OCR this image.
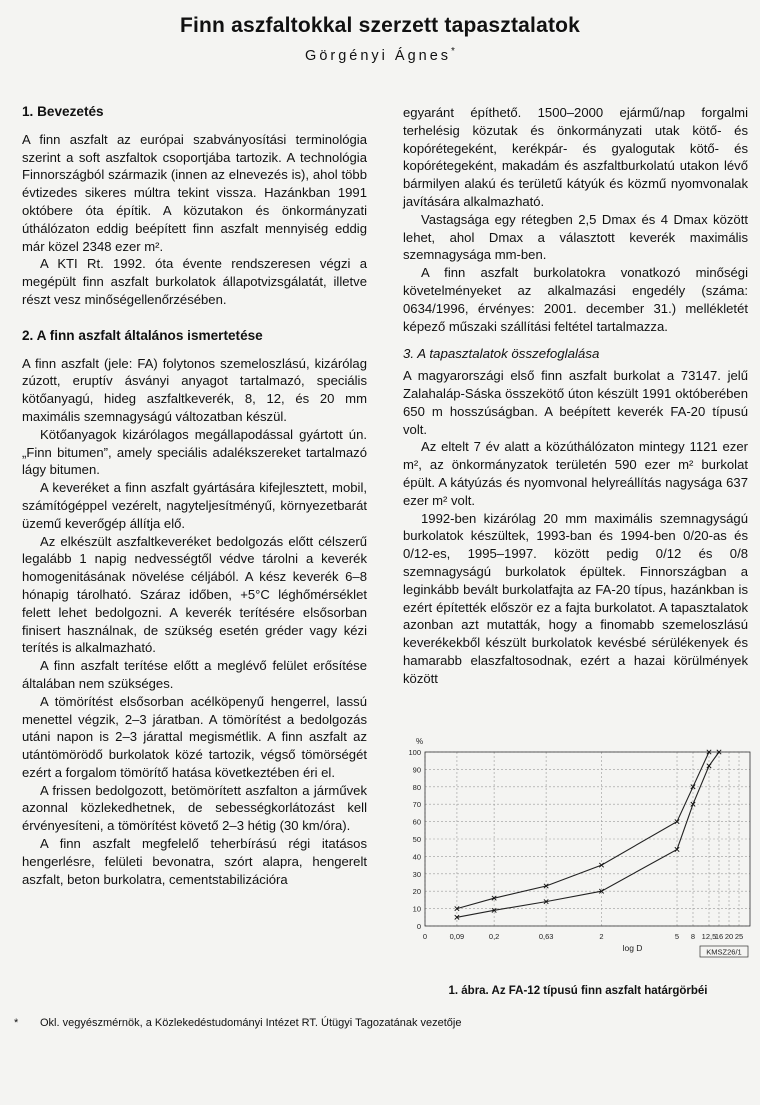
Finn aszfaltokkal szerzett tapasztalatok
Görgényi Ágnes*
1. Bevezetés

A finn aszfalt az európai szabványosítási terminológia szerint a soft aszfaltok csoportjába tartozik. A technológia Finnországból származik (innen az elnevezés is), ahol több évtizedes sikeres múltra tekint vissza. Hazánkban 1991 októbere óta építik. A közutakon és önkormányzati úthálózaton eddig beépített finn aszfalt mennyiség eddig már közel 2348 ezer m².

A KTI Rt. 1992. óta évente rendszeresen végzi a megépült finn aszfalt burkolatok állapotvizsgálatát, illetve részt vesz minőségellenőrzésében.

2. A finn aszfalt általános ismertetése

A finn aszfalt (jele: FA) folytonos szemeloszlású, kizárólag zúzott, eruptív ásványi anyagot tartalmazó, speciális kötőanyagú, hideg aszfaltkeverék, 8, 12, és 20 mm maximális szemnagyságú változatban készül.

Kötőanyagok kizárólagos megállapodással gyártott ún. „Finn bitumen”, amely speciális adalékszereket tartalmazó lágy bitumen.

A keveréket a finn aszfalt gyártására kifejlesztett, mobil, számítógéppel vezérelt, nagyteljesítményű, környezetbarát üzemű keverőgép állítja elő.

Az elkészült aszfaltkeveréket bedolgozás előtt célszerű legalább 1 napig nedvességtől védve tárolni a keverék homogenitásának növelése céljából. A kész keverék 6–8 hónapig tárolható. Száraz időben, +5°C léghőmérséklet felett lehet bedolgozni. A keverék terítésére elsősorban finisert használnak, de szükség esetén gréder vagy kézi terítés is alkalmazható.

A finn aszfalt terítése előtt a meglévő felület erősítése általában nem szükséges.

A tömörítést elsősorban acélköpenyű hengerrel, lassú menettel végzik, 2–3 járatban. A tömörítést a bedolgozás utáni napon is 2–3 járattal megismétlik. A finn aszfalt az utántömörödő burkolatok közé tartozik, végső tömörségét ezért a forgalom tömörítő hatása következtében éri el.

A frissen bedolgozott, betömörített aszfalton a járművek azonnal közlekedhetnek, de sebességkorlátozást kell érvényesíteni, a tömörítést követő 2–3 hétig (30 km/óra).

A finn aszfalt megfelelő teherbírású régi itatásos hengerlésre, felületi bevonatra, szórt alapra, hengerelt aszfalt, beton burkolatra, cementstabilizációra

egyaránt építhető. 1500–2000 ejármű/nap forgalmi terhelésig közutak és önkormányzati utak kötő- és kopórétegeként, kerékpár- és gyalogutak kötő- és kopórétegeként, makadám és aszfaltburkolatú utakon lévő bármilyen alakú és területű kátyúk és közmű nyomvonalak javítására alkalmazható.

Vastagsága egy rétegben 2,5 Dmax és 4 Dmax között lehet, ahol Dmax a választott keverék maximális szemnagysága mm-ben.

A finn aszfalt burkolatokra vonatkozó minőségi követelményeket az alkalmazási engedély (száma: 0634/1996, érvényes: 2001. december 31.) mellékletét képező műszaki szállítási feltétel tartalmazza.

3. A tapasztalatok összefoglalása

A magyarországi első finn aszfalt burkolat a 73147. jelű Zalahaláp-Sáska összekötő úton készült 1991 októberében 650 m hosszúságban. A beépített keverék FA-20 típusú volt.

Az eltelt 7 év alatt a közúthálózaton mintegy 1121 ezer m², az önkormányzatok területén 590 ezer m² burkolat épült. A kátyúzás és nyomvonal helyreállítás nagysága 637 ezer m² volt.

1992-ben kizárólag 20 mm maximális szemnagyságú burkolatok készültek, 1993-ban és 1994-ben 0/20-as és 0/12-es, 1995–1997. között pedig 0/12 és 0/8 szemnagyságú burkolatok épültek. Finnországban a leginkább bevált burkolatfajta az FA-20 típus, hazánkban is ezért építették először ez a fajta burkolatot. A tapasztalatok azonban azt mutatták, hogy a finomabb szemeloszlású keverékekből készült burkolatok kevésbé sérülékenyek és hamarabb elaszfaltosodnak, ezért a hazai körülmények között

0
10
20
30
40
50
60
70
80
90
100
0	0,09	0,2	0,63	2	5 8 12,5
16 20 25
%
log D	KMSZ26/1
1. ábra. Az FA-12 típusú finn aszfalt határgörbéi
* Okl. vegyészmérnök, a Közlekedéstudományi Intézet RT. Útügyi Tagozatának vezetője
